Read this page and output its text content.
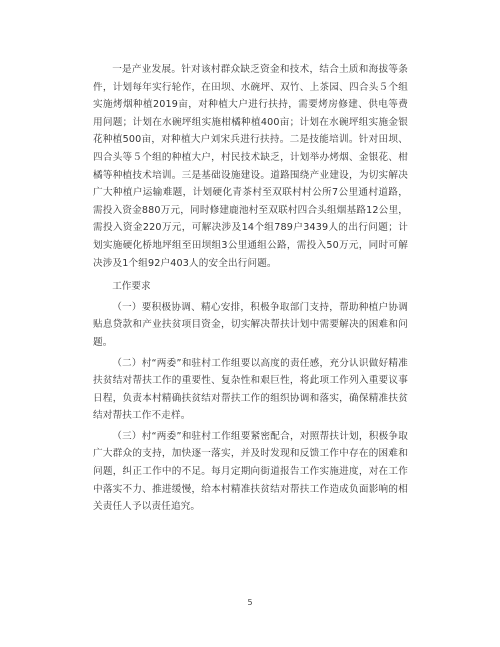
一是产业发展。针对该村群众缺乏资金和技术，结合土质和海拔等条件，计划每年实行轮作，在田坝、水碗坪、双竹、上茶园、四合头５个组实施烤烟种植2019亩，对种植大户进行扶持，需要烤房修建、供电等费用问题；计划在水碗坪组实施柑橘种植400亩；计划在水碗坪组实施金银花种植500亩，对种植大户刘宋兵进行扶持。二是技能培训。针对田坝、四合头等５个组的种植大户，村民技术缺乏，计划举办烤烟、金银花、柑橘等种植技术培训。三是基础设施建设。道路围绕产业建设，为切实解决广大种植户运输难题，计划硬化青茶村至双联村村公所7公里通村道路，需投入资金880万元，同时修建鹿池村至双联村四合头组烟基路12公里，需投入资金220万元，可解决涉及14个组789户3439人的出行问题；计划实施硬化桥地坪组至田坝组3公里通组公路，需投入50万元，同时可解决涉及1个组92户403人的安全出行问题。

工作要求

（一）要积极协调、精心安排，积极争取部门支持，帮助种植户协调贴息贷款和产业扶贫项目资金，切实解决帮扶计划中需要解决的困难和问题。

（二）村“两委”和驻村工作组要以高度的责任感，充分认识做好精准扶贫结对帮扶工作的重要性、复杂性和艰巨性，将此项工作列入重要议事日程，负责本村精确扶贫结对帮扶工作的组织协调和落实，确保精准扶贫结对帮扶工作不走样。

（三）村“两委”和驻村工作组要紧密配合，对照帮扶计划，积极争取广大群众的支持，加快逐一落实，并及时发现和反馈工作中存在的困难和问题，纠正工作中的不足。每月定期向街道报告工作实施进度，对在工作中落实不力、推进缓慢，给本村精准扶贫结对帮扶工作造成负面影响的相关责任人予以责任追究。

5
